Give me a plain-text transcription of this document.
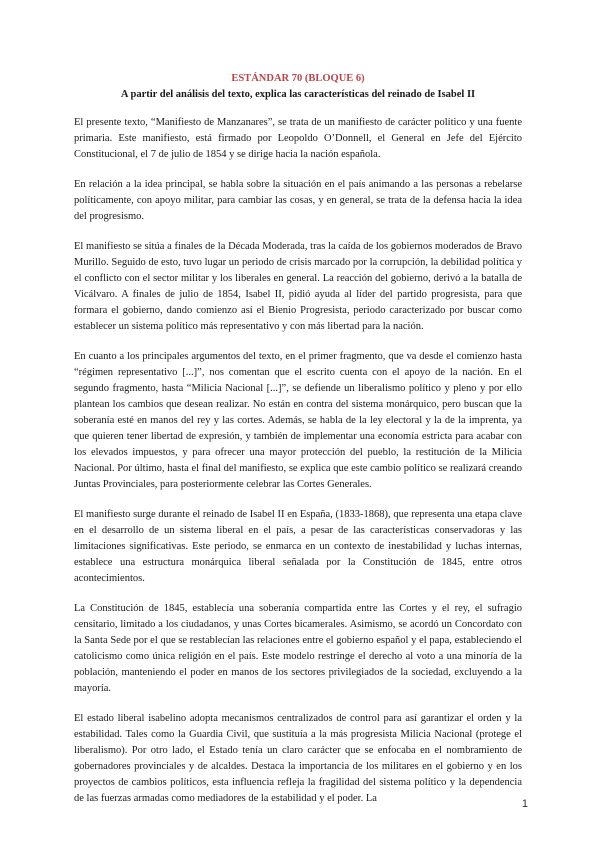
ESTÁNDAR 70 (BLOQUE 6)
A partir del análisis del texto, explica las características del reinado de Isabel II

El presente texto, “Manifiesto de Manzanares”, se trata de un manifiesto de carácter político y una fuente primaria. Este manifiesto, está firmado por Leopoldo O’Donnell, el General en Jefe del Ejército Constitucional, el 7 de julio de 1854 y se dirige hacia la nación española.

En relación a la idea principal, se habla sobre la situación en el país animando a las personas a rebelarse políticamente, con apoyo militar, para cambiar las cosas, y en general, se trata de la defensa hacia la idea del progresismo.

El manifiesto se sitúa a finales de la Década Moderada, tras la caída de los gobiernos moderados de Bravo Murillo. Seguido de esto, tuvo lugar un periodo de crisis marcado por la corrupción, la debilidad política y el conflicto con el sector militar y los liberales en general. La reacción del gobierno, derivó a la batalla de Vicálvaro. A finales de julio de 1854, Isabel II, pidió ayuda al líder del partido progresista, para que formara el gobierno, dando comienzo así el Bienio Progresista, periodo caracterizado por buscar como establecer un sistema político más representativo y con más libertad para la nación.

En cuanto a los principales argumentos del texto, en el primer fragmento, que va desde el comienzo hasta “régimen representativo [...]”, nos comentan que el escrito cuenta con el apoyo de la nación. En el segundo fragmento, hasta “Milicia Nacional [...]”, se defiende un liberalismo político y pleno y por ello plantean los cambios que desean realizar. No están en contra del sistema monárquico, pero buscan que la soberanía esté en manos del rey y las cortes. Además, se habla de la ley electoral y la de la imprenta, ya que quieren tener libertad de expresión, y también de implementar una economía estricta para acabar con los elevados impuestos, y para ofrecer una mayor protección del pueblo, la restitución de la Milicia Nacional. Por último, hasta el final del manifiesto, se explica que este cambio político se realizará creando Juntas Provinciales, para posteriormente celebrar las Cortes Generales.

El manifiesto surge durante el reinado de Isabel II en España, (1833-1868), que representa una etapa clave en el desarrollo de un sistema liberal en el país, a pesar de las características conservadoras y las limitaciones significativas. Este periodo, se enmarca en un contexto de inestabilidad y luchas internas, establece una estructura monárquica liberal señalada por la Constitución de 1845, entre otros acontecimientos.

La Constitución de 1845, establecía una soberanía compartida entre las Cortes y el rey, el sufragio censitario, limitado a los ciudadanos, y unas Cortes bicamerales. Asimismo, se acordó un Concordato con la Santa Sede por el que se restablecían las relaciones entre el gobierno español y el papa, estableciendo el catolicismo como única religión en el país. Este modelo restringe el derecho al voto a una minoría de la población, manteniendo el poder en manos de los sectores privilegiados de la sociedad, excluyendo a la mayoría.

El estado liberal isabelino adopta mecanismos centralizados de control para así garantizar el orden y la estabilidad. Tales como la Guardia Civil, que sustituía a la más progresista Milicia Nacional (protege el liberalismo). Por otro lado, el Estado tenía un claro carácter que se enfocaba en el nombramiento de gobernadores provinciales y de alcaldes. Destaca la importancia de los militares en el gobierno y en los proyectos de cambios políticos, esta influencia refleja la fragilidad del sistema político y la dependencia de las fuerzas armadas como mediadores de la estabilidad y el poder. La	1
